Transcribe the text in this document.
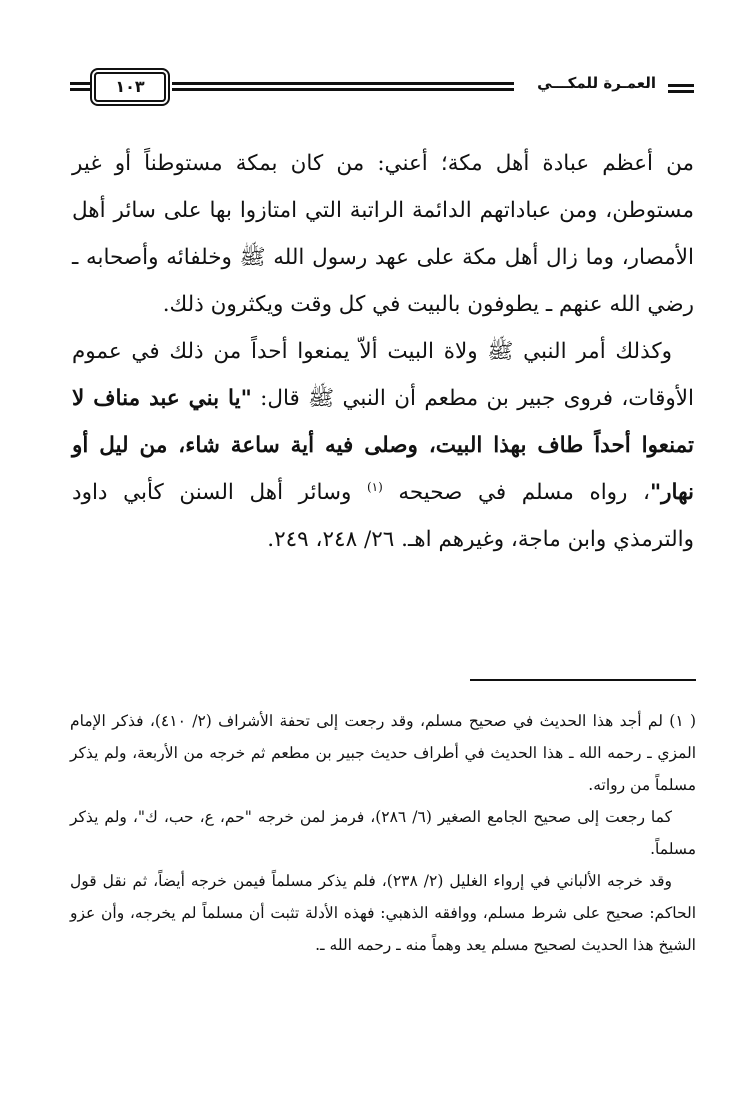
العمـرة للمكـــي
١٠٣

من أعظم عبادة أهل مكة؛ أعني: من كان بمكة مستوطناً أو غير مستوطن، ومن عباداتهم الدائمة الراتبة التي امتازوا بها على سائر أهل الأمصار، وما زال أهل مكة على عهد رسول الله ﷺ وخلفائه وأصحابه ـ رضي الله عنهم ـ يطوفون بالبيت في كل وقت ويكثرون ذلك.

وكذلك أمر النبي ﷺ ولاة البيت ألاّ يمنعوا أحداً من ذلك في عموم الأوقات، فروى جبير بن مطعم أن النبي ﷺ قال: "يا بني عبد مناف لا تمنعوا أحداً طاف بهذا البيت، وصلى فيه أية ساعة شاء، من ليل أو نهار"، رواه مسلم في صحيحه $^{(١)}$ وسائر أهل السنن كأبي داود والترمذي وابن ماجة، وغيرهم اهـ. ٢٦/ ٢٤٨، ٢٤٩.

( ١) لم أجد هذا الحديث في صحيح مسلم، وقد رجعت إلى تحفة الأشراف (٢/ ٤١٠)، فذكر الإمام المزي ـ رحمه الله ـ هذا الحديث في أطراف حديث جبير بن مطعم ثم خرجه من الأربعة، ولم يذكر مسلماً من رواته.

كما رجعت إلى صحيح الجامع الصغير (٦/ ٢٨٦)، فرمز لمن خرجه "حم، ع، حب، ك"، ولم يذكر مسلماً.

وقد خرجه الألباني في إرواء الغليل (٢/ ٢٣٨)، فلم يذكر مسلماً فيمن خرجه أيضاً، ثم نقل قول الحاكم: صحيح على شرط مسلم، ووافقه الذهبي: فهذه الأدلة تثبت أن مسلماً لم يخرجه، وأن عزو الشيخ هذا الحديث لصحيح مسلم يعد وهماً منه ـ رحمه الله ـ.
